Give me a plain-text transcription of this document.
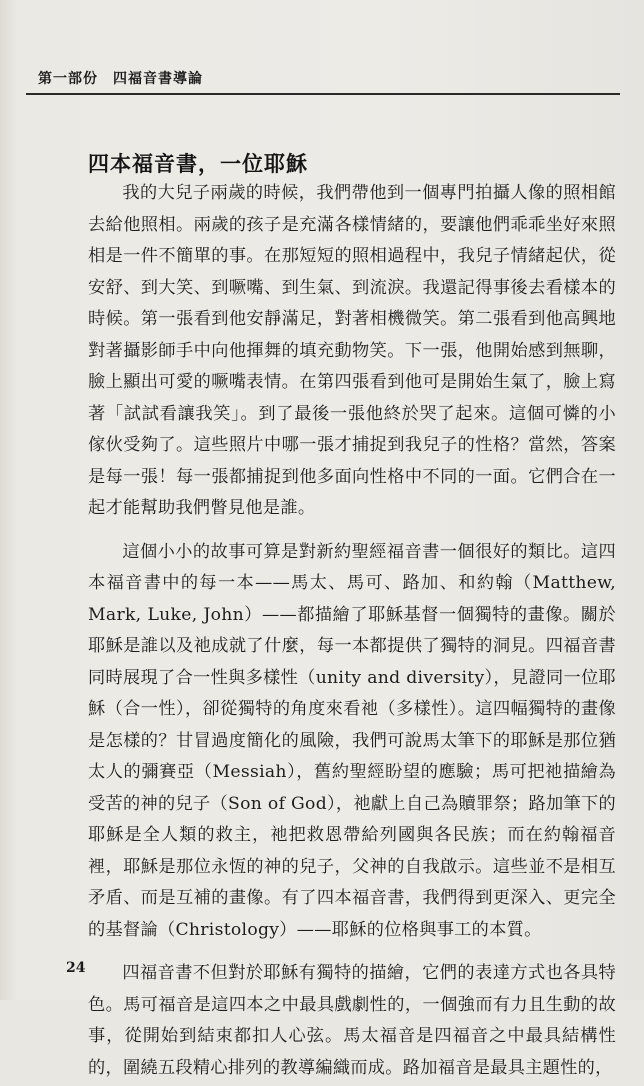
第一部份　四福音書導論
四本福音書，一位耶穌

我的大兒子兩歲的時候，我們帶他到一個專門拍攝人像的照相館去給他照相。兩歲的孩子是充滿各樣情緒的，要讓他們乖乖坐好來照相是一件不簡單的事。在那短短的照相過程中，我兒子情緒起伏，從安舒、到大笑、到噘嘴、到生氣、到流淚。我還記得事後去看樣本的時候。第一張看到他安靜滿足，對著相機微笑。第二張看到他高興地對著攝影師手中向他揮舞的填充動物笑。下一張，他開始感到無聊，臉上顯出可愛的噘嘴表情。在第四張看到他可是開始生氣了，臉上寫著「試試看讓我笑」。到了最後一張他終於哭了起來。這個可憐的小傢伙受夠了。這些照片中哪一張才捕捉到我兒子的性格？當然，答案是每一張！每一張都捕捉到他多面向性格中不同的一面。它們合在一起才能幫助我們瞥見他是誰。

這個小小的故事可算是對新約聖經福音書一個很好的類比。這四本福音書中的每一本——馬太、馬可、路加、和約翰（Matthew, Mark, Luke, John）——都描繪了耶穌基督一個獨特的畫像。關於耶穌是誰以及祂成就了什麼，每一本都提供了獨特的洞見。四福音書同時展現了合一性與多樣性（unity and diversity），見證同一位耶穌（合一性），卻從獨特的角度來看祂（多樣性）。這四幅獨特的畫像是怎樣的？甘冒過度簡化的風險，我們可說馬太筆下的耶穌是那位猶太人的彌賽亞（Messiah），舊約聖經盼望的應驗；馬可把祂描繪為受苦的神的兒子（Son of God），祂獻上自己為贖罪祭；路加筆下的耶穌是全人類的救主，祂把救恩帶給列國與各民族；而在約翰福音裡，耶穌是那位永恆的神的兒子，父神的自我啟示。這些並不是相互矛盾、而是互補的畫像。有了四本福音書，我們得到更深入、更完全的基督論（Christology）——耶穌的位格與事工的本質。

四福音書不但對於耶穌有獨特的描繪，它們的表達方式也各具特色。馬可福音是這四本之中最具戲劇性的，一個強而有力且生動的故事，從開始到結束都扣人心弦。馬太福音是四福音之中最具結構性的，圍繞五段精心排列的教導編織而成。路加福音是最具主題性的，

24
